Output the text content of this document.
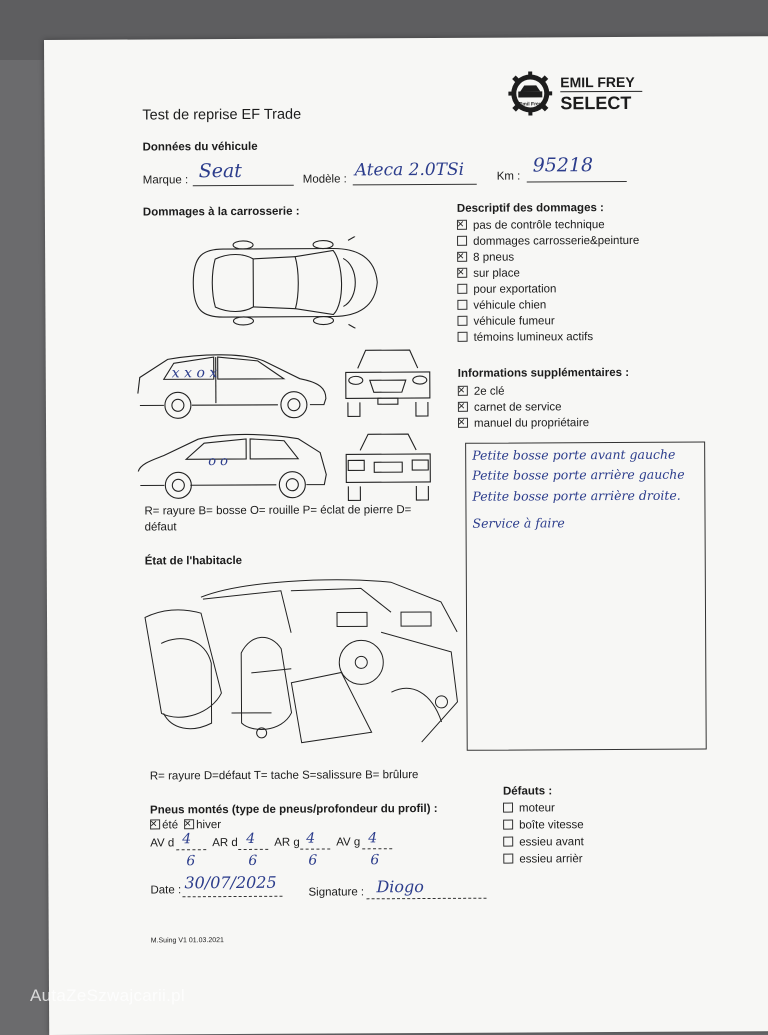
Test de reprise EF Trade
Emil Frey
EMIL FREY
SELECT
Données du véhicule
Marque : Seat	Modèle : Ateca 2.0TSi	Km :
95218
Dommages à la carrosserie :
x x o x
o o
R= rayure B= bosse O= rouille P= éclat de pierre D=
défaut
Descriptif des dommages :
×pas de contrôle technique
dommages carrosserie&peinture
×8 pneus
×sur place
pour exportation
véhicule chien
véhicule fumeur
témoins lumineux actifs
Informations supplémentaires :
×2e clé
×carnet de service
×manuel du propriétaire
Petite bosse porte avant gauche
Petite bosse porte arrière gauche
Petite bosse porte arrière droite.
Service à faire
État de l'habitacle
R= rayure D=défaut T= tache S=salissure B= brûlure
Pneus montés (type de pneus/profondeur du profil) :
×été
×	hiver
AV d 4
6
AR d 4
6
AR g 4
6
AV g 4
6
Défauts :
moteur
boîte vitesse
essieu avant
essieu arrièr
Date : 30/07/2025
Signature : Diogo
M.Suing V1 01.03.2021
AutaZeSzwajcarii.pl
